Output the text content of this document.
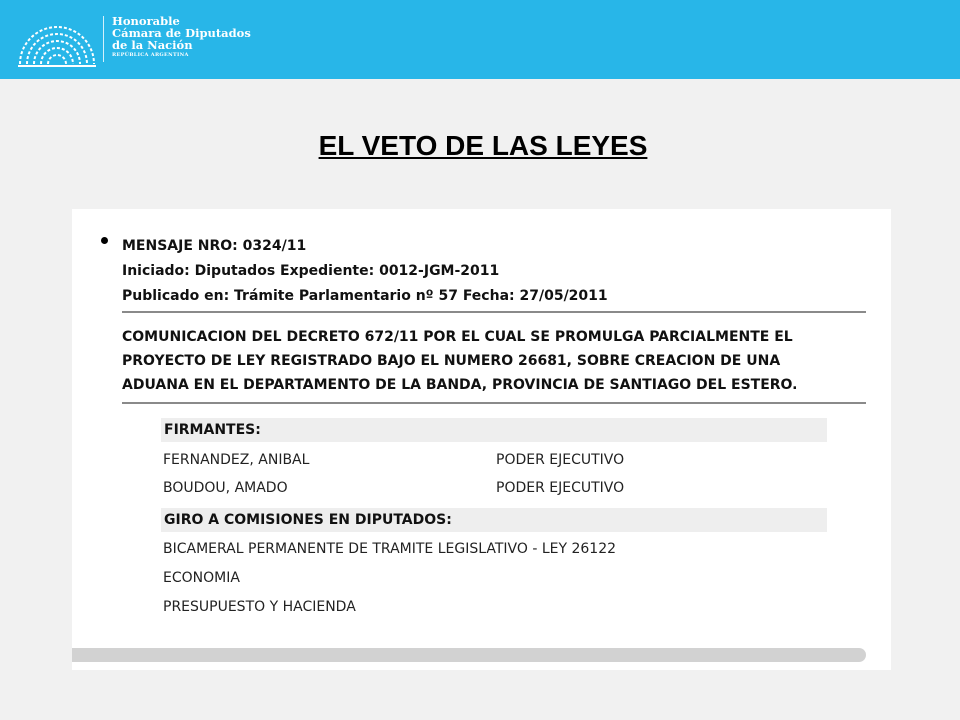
Honorable
Cámara de Diputados
de la Nación
REPÚBLICA ARGENTINA
EL VETO DE LAS LEYES
MENSAJE NRO: 0324/11
Iniciado: Diputados Expediente: 0012-JGM-2011
Publicado en: Trámite Parlamentario nº 57 Fecha: 27/05/2011
COMUNICACION DEL DECRETO 672/11 POR EL CUAL SE PROMULGA PARCIALMENTE EL
PROYECTO DE LEY REGISTRADO BAJO EL NUMERO 26681, SOBRE CREACION DE UNA
ADUANA EN EL DEPARTAMENTO DE LA BANDA, PROVINCIA DE SANTIAGO DEL ESTERO.
FIRMANTES:
FERNANDEZ, ANIBAL	PODER EJECUTIVO
BOUDOU, AMADO	PODER EJECUTIVO
GIRO A COMISIONES EN DIPUTADOS:
BICAMERAL PERMANENTE DE TRAMITE LEGISLATIVO - LEY 26122
ECONOMIA
PRESUPUESTO Y HACIENDA
